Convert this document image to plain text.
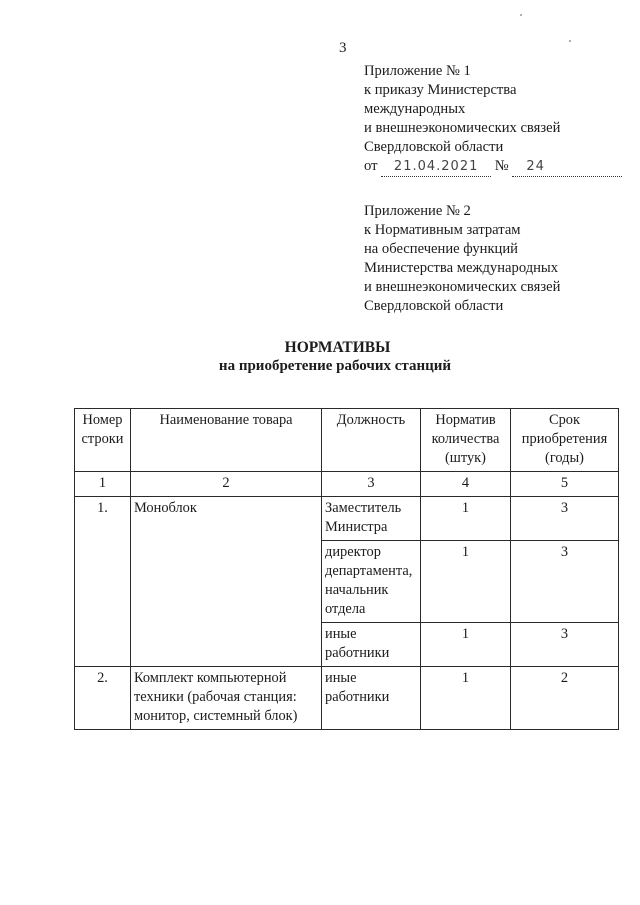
3
Приложение № 1
к приказу Министерства
международных
и внешнеэкономических связей
Свердловской области
от 21.04.2021 № 24
Приложение № 2
к Нормативным затратам
на обеспечение функций
Министерства международных
и внешнеэкономических связей
Свердловской области
НОРМАТИВЫ
на приобретение рабочих станций
Номер строки	Наименование товара	Должность	Норматив количества (штук)	Срок приобретения (годы)
1	2	3	4	5
1.	Моноблок	Заместитель Министра	1	3
		директор департамента, начальник отдела	1	3
		иные работники	1	3
2.	Комплект компьютерной техники (рабочая станция: монитор, системный блок)	иные работники	1	2
